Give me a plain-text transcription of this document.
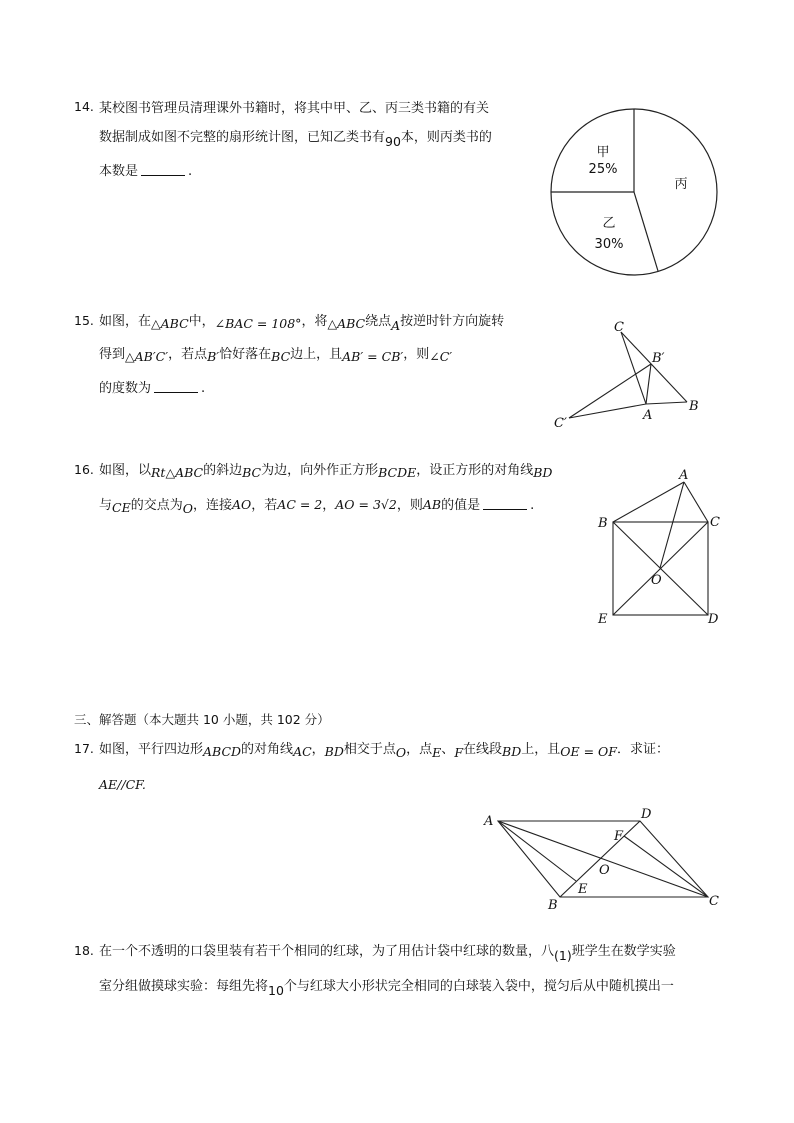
14. 某校图书管理员清理课外书籍时，将其中甲、乙、丙三类书籍的有关
数据制成如图不完整的扇形统计图，已知乙类书有90本，则丙类书的
本数是	.
甲
25%
丙
乙
30%
15. 如图，在△ABC中，∠BAC = 108°，将△ABC绕点A按逆时针方向旋转
得到△AB′C′，若点B′恰好落在BC边上，且AB′ = CB′，则∠C′
的度数为	.
C
B′
C′
A
B
16. 如图，以Rt△ABC的斜边BC为边，向外作正方形BCDE，设正方形的对角线BD
与CE的交点为O，连接AO，若AC = 2，AO = 3√2，则AB的值是	.
A
B	C
O
E	D
三、解答题（本大题共 10 小题，共 102 分）
17. 如图，平行四边形ABCD的对角线AC，BD相交于点O，点E、F在线段BD上，且OE = OF．求证：
AE//CF.
A	D
F
O
E
B	C
18. 在一个不透明的口袋里装有若干个相同的红球，为了用估计袋中红球的数量，八(1)班学生在数学实验
室分组做摸球实验：每组先将10个与红球大小形状完全相同的白球装入袋中，搅匀后从中随机摸出一
